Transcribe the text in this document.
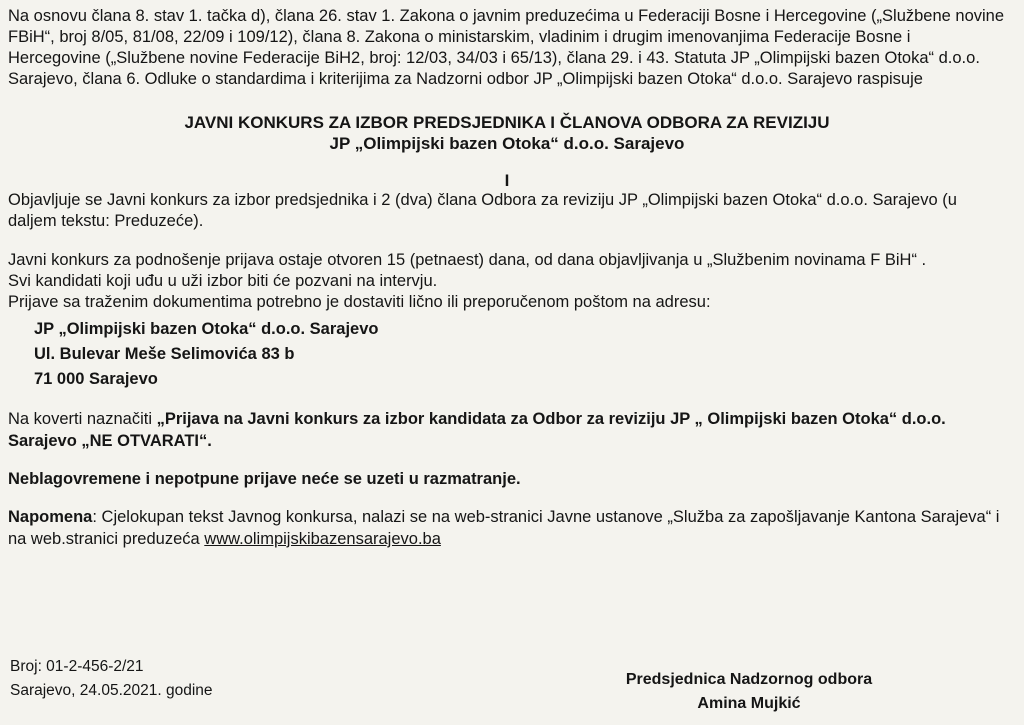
Na osnovu člana 8. stav 1. tačka d), člana 26. stav 1. Zakona o javnim preduzećima u Federaciji Bosne i Hercegovine („Službene novine FBiH“, broj 8/05, 81/08, 22/09 i 109/12), člana 8. Zakona o ministarskim, vladinim i drugim imenovanjima Federacije Bosne i Hercegovine („Službene novine Federacije BiH2, broj: 12/03, 34/03 i 65/13), člana 29. i 43. Statuta JP „Olimpijski bazen Otoka“ d.o.o. Sarajevo, člana 6. Odluke o standardima i kriterijima za Nadzorni odbor JP „Olimpijski bazen Otoka“ d.o.o. Sarajevo raspisuje

JAVNI KONKURS ZA IZBOR PREDSJEDNIKA I ČLANOVA ODBORA ZA REVIZIJU
JP „Olimpijski bazen Otoka“ d.o.o. Sarajevo
I

Objavljuje se Javni konkurs za izbor predsjednika i 2 (dva) člana Odbora za reviziju JP „Olimpijski bazen Otoka“ d.o.o. Sarajevo (u daljem tekstu: Preduzeće).

Javni konkurs za podnošenje prijava ostaje otvoren 15 (petnaest) dana, od dana objavljivanja u „Službenim novinama F BiH“ .

Svi kandidati koji uđu u uži izbor biti će pozvani na intervju.

Prijave sa traženim dokumentima potrebno je dostaviti lično ili preporučenom poštom na adresu:

JP „Olimpijski bazen Otoka“ d.o.o. Sarajevo
Ul. Bulevar Meše Selimovića 83 b
71 000 Sarajevo
Na koverti naznačiti „Prijava na Javni konkurs za izbor kandidata za Odbor za reviziju JP „ Olimpijski bazen Otoka“ d.o.o. Sarajevo „NE OTVARATI“.
Neblagovremene i nepotpune prijave neće se uzeti u razmatranje.
Napomena: Cjelokupan tekst Javnog konkursa, nalazi se na web-stranici Javne ustanove „Služba za zapošljavanje Kantona Sarajeva“ i na web.stranici preduzeća www.olimpijskibazensarajevo.ba
Broj: 01-2-456-2/21
Sarajevo, 24.05.2021. godine
Predsjednica Nadzornog odbora
Amina Mujkić
